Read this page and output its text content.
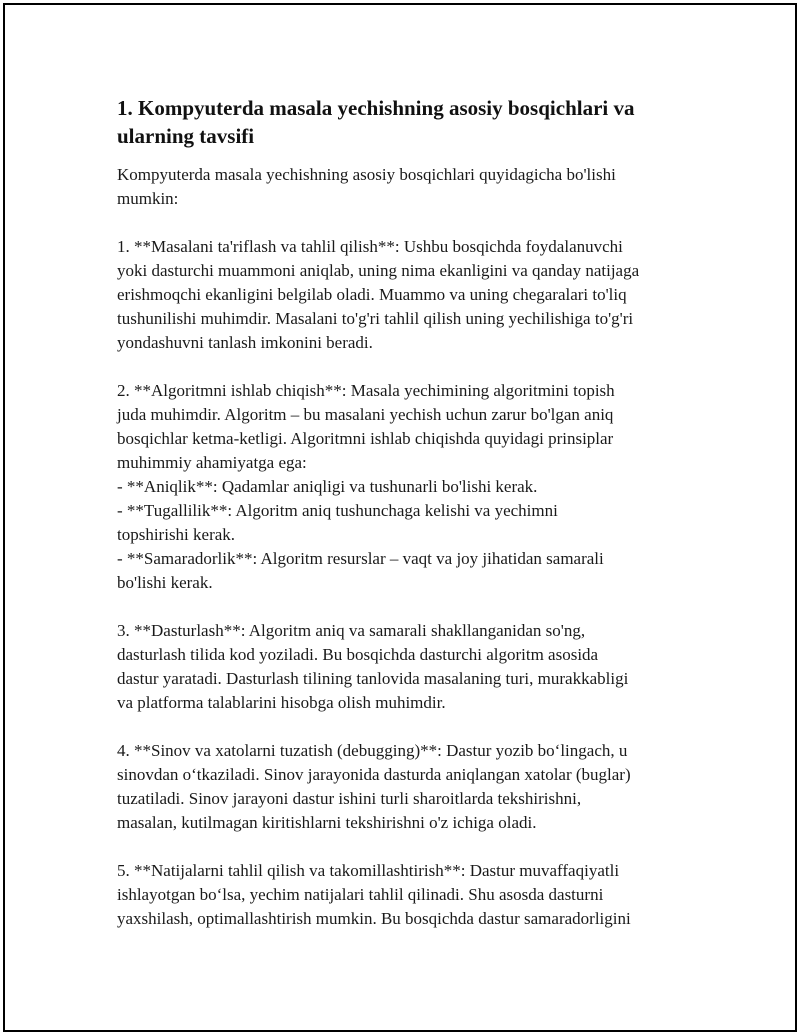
1. Kompyuterda masala yechishning asosiy bosqichlari va ularning tavsifi

Kompyuterda masala yechishning asosiy bosqichlari quyidagicha bo'lishi
mumkin:

1. **Masalani ta'riflash va tahlil qilish**: Ushbu bosqichda foydalanuvchi
yoki dasturchi muammoni aniqlab, uning nima ekanligini va qanday natijaga
erishmoqchi ekanligini belgilab oladi. Muammo va uning chegaralari to'liq
tushunilishi muhimdir. Masalani to'g'ri tahlil qilish uning yechilishiga to'g'ri
yondashuvni tanlash imkonini beradi.

2. **Algoritmni ishlab chiqish**: Masala yechimining algoritmini topish
juda muhimdir. Algoritm – bu masalani yechish uchun zarur bo'lgan aniq
bosqichlar ketma-ketligi. Algoritmni ishlab chiqishda quyidagi prinsiplar
muhimmiy ahamiyatga ega:
- **Aniqlik**: Qadamlar aniqligi va tushunarli bo'lishi kerak.
- **Tugallilik**: Algoritm aniq tushunchaga kelishi va yechimni
topshirishi kerak.
- **Samaradorlik**: Algoritm resurslar – vaqt va joy jihatidan samarali
bo'lishi kerak.

3. **Dasturlash**: Algoritm aniq va samarali shakllanganidan so'ng,
dasturlash tilida kod yoziladi. Bu bosqichda dasturchi algoritm asosida
dastur yaratadi. Dasturlash tilining tanlovida masalaning turi, murakkabligi
va platforma talablarini hisobga olish muhimdir.

4. **Sinov va xatolarni tuzatish (debugging)**: Dastur yozib bo‘lingach, u
sinovdan o‘tkaziladi. Sinov jarayonida dasturda aniqlangan xatolar (buglar)
tuzatiladi. Sinov jarayoni dastur ishini turli sharoitlarda tekshirishni,
masalan, kutilmagan kiritishlarni tekshirishni o'z ichiga oladi.

5. **Natijalarni tahlil qilish va takomillashtirish**: Dastur muvaffaqiyatli
ishlayotgan bo‘lsa, yechim natijalari tahlil qilinadi. Shu asosda dasturni
yaxshilash, optimallashtirish mumkin. Bu bosqichda dastur samaradorligini
